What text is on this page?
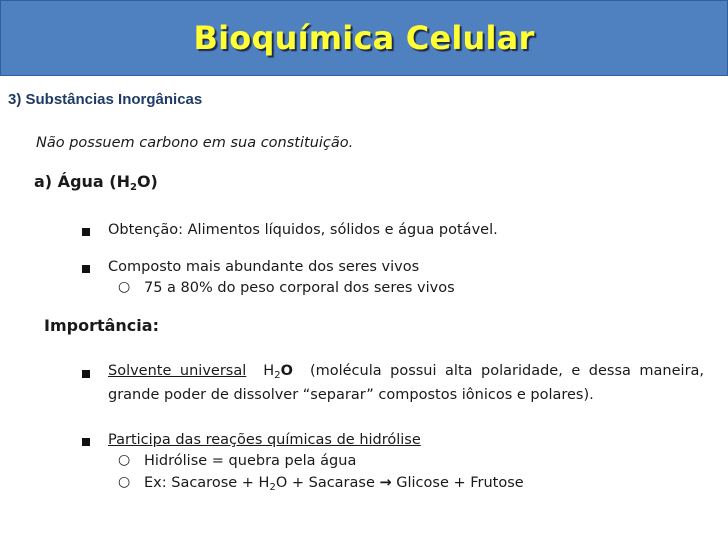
Bioquímica Celular
3) Substâncias Inorgânicas
Não possuem carbono em sua constituição.
a) Água $(H_2O)$
Obtenção: Alimentos líquidos, sólidos e água potável.
Composto mais abundante dos seres vivos
○ 75 a 80% do peso corporal dos seres vivos
Importância:
Solvente universal $H_2O$ (molécula possui alta polaridade, e dessa maneira, grande poder de dissolver “separar” compostos iônicos e polares).
Participa das reações químicas de hidrólise
○ Hidrólise = quebra pela água
○ Ex: Sacarose + $H_2O$ + Sacarase → Glicose + Frutose
